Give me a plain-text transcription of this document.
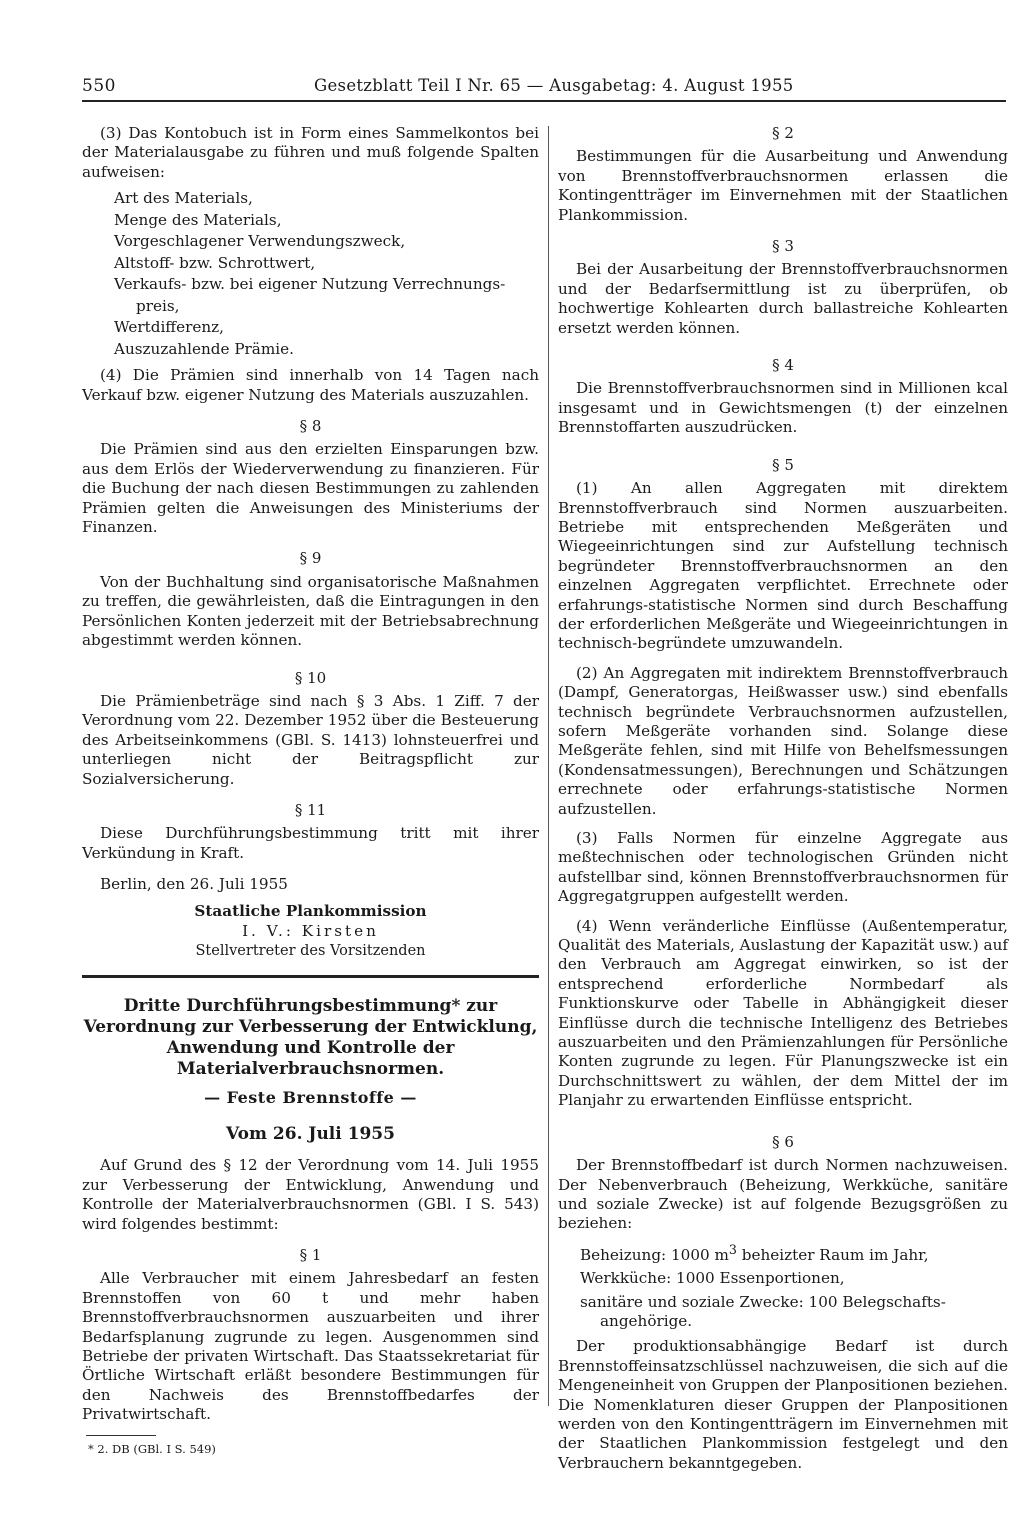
550	Gesetzblatt Teil I Nr. 65 — Ausgabetag: 4. August 1955

(3) Das Kontobuch ist in Form eines Sammelkontos bei der Materialausgabe zu führen und muß folgende Spalten aufweisen:

Art des Materials,
Menge des Materials,
Vorgeschlagener Verwendungszweck,
Altstoff- bzw. Schrottwert,
Verkaufs- bzw. bei eigener Nutzung Verrechnungs-
preis,
Wertdifferenz,
Auszuzahlende Prämie.

(4) Die Prämien sind innerhalb von 14 Tagen nach Verkauf bzw. eigener Nutzung des Materials auszuzahlen.

§ 8

Die Prämien sind aus den erzielten Einsparungen bzw. aus dem Erlös der Wiederverwendung zu finanzieren. Für die Buchung der nach diesen Bestimmungen zu zahlenden Prämien gelten die Anweisungen des Ministeriums der Finanzen.

§ 9

Von der Buchhaltung sind organisatorische Maßnahmen zu treffen, die gewährleisten, daß die Eintragungen in den Persönlichen Konten jederzeit mit der Betriebsabrechnung abgestimmt werden können.

§ 10

Die Prämienbeträge sind nach § 3 Abs. 1 Ziff. 7 der Verordnung vom 22. Dezember 1952 über die Besteuerung des Arbeitseinkommens (GBl. S. 1413) lohnsteuerfrei und unterliegen nicht der Beitragspflicht zur Sozialversicherung.

§ 11

Diese Durchführungsbestimmung tritt mit ihrer Verkündung in Kraft.

Berlin, den 26. Juli 1955

Staatliche Plankommission
I. V.: Kirsten
Stellvertreter des Vorsitzenden
Dritte Durchführungsbestimmung* zur Verordnung zur Verbesserung der Entwicklung, Anwendung und Kontrolle der Materialverbrauchsnormen.
— Feste Brennstoffe —
Vom 26. Juli 1955

Auf Grund des § 12 der Verordnung vom 14. Juli 1955 zur Verbesserung der Entwicklung, Anwendung und Kontrolle der Materialverbrauchsnormen (GBl. I S. 543) wird folgendes bestimmt:

§ 1

Alle Verbraucher mit einem Jahresbedarf an festen Brennstoffen von 60 t und mehr haben Brennstoffverbrauchsnormen auszuarbeiten und ihrer Bedarfsplanung zugrunde zu legen. Ausgenommen sind Betriebe der privaten Wirtschaft. Das Staatssekretariat für Örtliche Wirtschaft erläßt besondere Bestimmungen für den Nachweis des Brennstoffbedarfes der Privatwirtschaft.

* 2. DB (GBl. I S. 549)
§ 2

Bestimmungen für die Ausarbeitung und Anwendung von Brennstoffverbrauchsnormen erlassen die Kontingentträger im Einvernehmen mit der Staatlichen Plankommission.

§ 3

Bei der Ausarbeitung der Brennstoffverbrauchsnormen und der Bedarfsermittlung ist zu überprüfen, ob hochwertige Kohlearten durch ballastreiche Kohlearten ersetzt werden können.

§ 4

Die Brennstoffverbrauchsnormen sind in Millionen kcal insgesamt und in Gewichtsmengen (t) der einzelnen Brennstoffarten auszudrücken.

§ 5

(1) An allen Aggregaten mit direktem Brennstoffverbrauch sind Normen auszuarbeiten. Betriebe mit entsprechenden Meßgeräten und Wiegeeinrichtungen sind zur Aufstellung technisch begründeter Brennstoffverbrauchsnormen an den einzelnen Aggregaten verpflichtet. Errechnete oder erfahrungs-statistische Normen sind durch Beschaffung der erforderlichen Meßgeräte und Wiegeeinrichtungen in technisch-begründete umzuwandeln.

(2) An Aggregaten mit indirektem Brennstoffverbrauch (Dampf, Generatorgas, Heißwasser usw.) sind ebenfalls technisch begründete Verbrauchsnormen aufzustellen, sofern Meßgeräte vorhanden sind. Solange diese Meßgeräte fehlen, sind mit Hilfe von Behelfsmessungen (Kondensatmessungen), Berechnungen und Schätzungen errechnete oder erfahrungs-statistische Normen aufzustellen.

(3) Falls Normen für einzelne Aggregate aus meßtechnischen oder technologischen Gründen nicht aufstellbar sind, können Brennstoffverbrauchsnormen für Aggregatgruppen aufgestellt werden.

(4) Wenn veränderliche Einflüsse (Außentemperatur, Qualität des Materials, Auslastung der Kapazität usw.) auf den Verbrauch am Aggregat einwirken, so ist der entsprechend erforderliche Normbedarf als Funktionskurve oder Tabelle in Abhängigkeit dieser Einflüsse durch die technische Intelligenz des Betriebes auszuarbeiten und den Prämienzahlungen für Persönliche Konten zugrunde zu legen. Für Planungszwecke ist ein Durchschnittswert zu wählen, der dem Mittel der im Planjahr zu erwartenden Einflüsse entspricht.

§ 6

Der Brennstoffbedarf ist durch Normen nachzuweisen. Der Nebenverbrauch (Beheizung, Werkküche, sanitäre und soziale Zwecke) ist auf folgende Bezugsgrößen zu beziehen:

Beheizung: 1000 $m^3$ beheizter Raum im Jahr,
Werkküche: 1000 Essenportionen,
sanitäre und soziale Zwecke: 100 Belegschafts-
angehörige.

Der produktionsabhängige Bedarf ist durch Brennstoffeinsatzschlüssel nachzuweisen, die sich auf die Mengeneinheit von Gruppen der Planpositionen beziehen. Die Nomenklaturen dieser Gruppen der Planpositionen werden von den Kontingentträgern im Einvernehmen mit der Staatlichen Plankommission festgelegt und den Verbrauchern bekanntgegeben.
